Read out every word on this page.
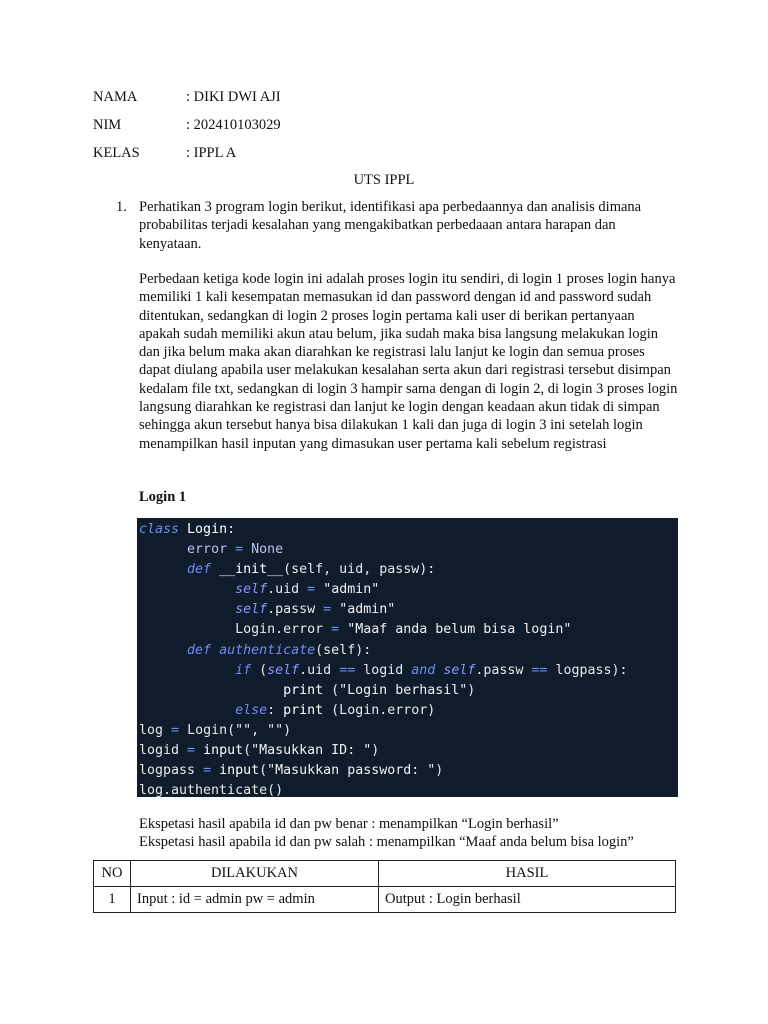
NAMA	: DIKI DWI AJI
NIM	: 202410103029
KELAS	: IPPL A
UTS IPPL
1. Perhatikan 3 program login berikut, identifikasi apa perbedaannya dan analisis dimana probabilitas terjadi kesalahan yang mengakibatkan perbedaaan antara harapan dan kenyataan.

Perbedaan ketiga kode login ini adalah proses login itu sendiri, di login 1 proses login hanya memiliki 1 kali kesempatan memasukan id dan password dengan id and password sudah ditentukan, sedangkan di login 2 proses login pertama kali user di berikan pertanyaan apakah sudah memiliki akun atau belum, jika sudah maka bisa langsung melakukan login dan jika belum maka akan diarahkan ke registrasi lalu lanjut ke login dan semua proses dapat diulang apabila user melakukan kesalahan serta akun dari registrasi tersebut disimpan kedalam file txt, sedangkan di login 3 hampir sama dengan di login 2, di login 3 proses login langsung diarahkan ke registrasi dan lanjut ke login dengan keadaan akun tidak di simpan sehingga akun tersebut hanya bisa dilakukan 1 kali dan juga di login 3 ini setelah login menampilkan hasil inputan yang dimasukan user pertama kali sebelum registrasi

Login 1
class Login:
error = None
def __init__(self, uid, passw):
self.uid = "admin"
self.passw = "admin"
Login.error = "Maaf anda belum bisa login"
def authenticate(self):
if (self.uid == logid and self.passw == logpass):
print ("Login berhasil")
else: print (Login.error)
log = Login("", "")
logid = input("Masukkan ID: ")
logpass = input("Masukkan password: ")
log.authenticate()
Ekspetasi hasil apabila id dan pw benar : menampilkan “Login berhasil”
Ekspetasi hasil apabila id dan pw salah : menampilkan “Maaf anda belum bisa login”
NO	DILAKUKAN	HASIL
1	Input : id = admin pw = admin	Output : Login berhasil
